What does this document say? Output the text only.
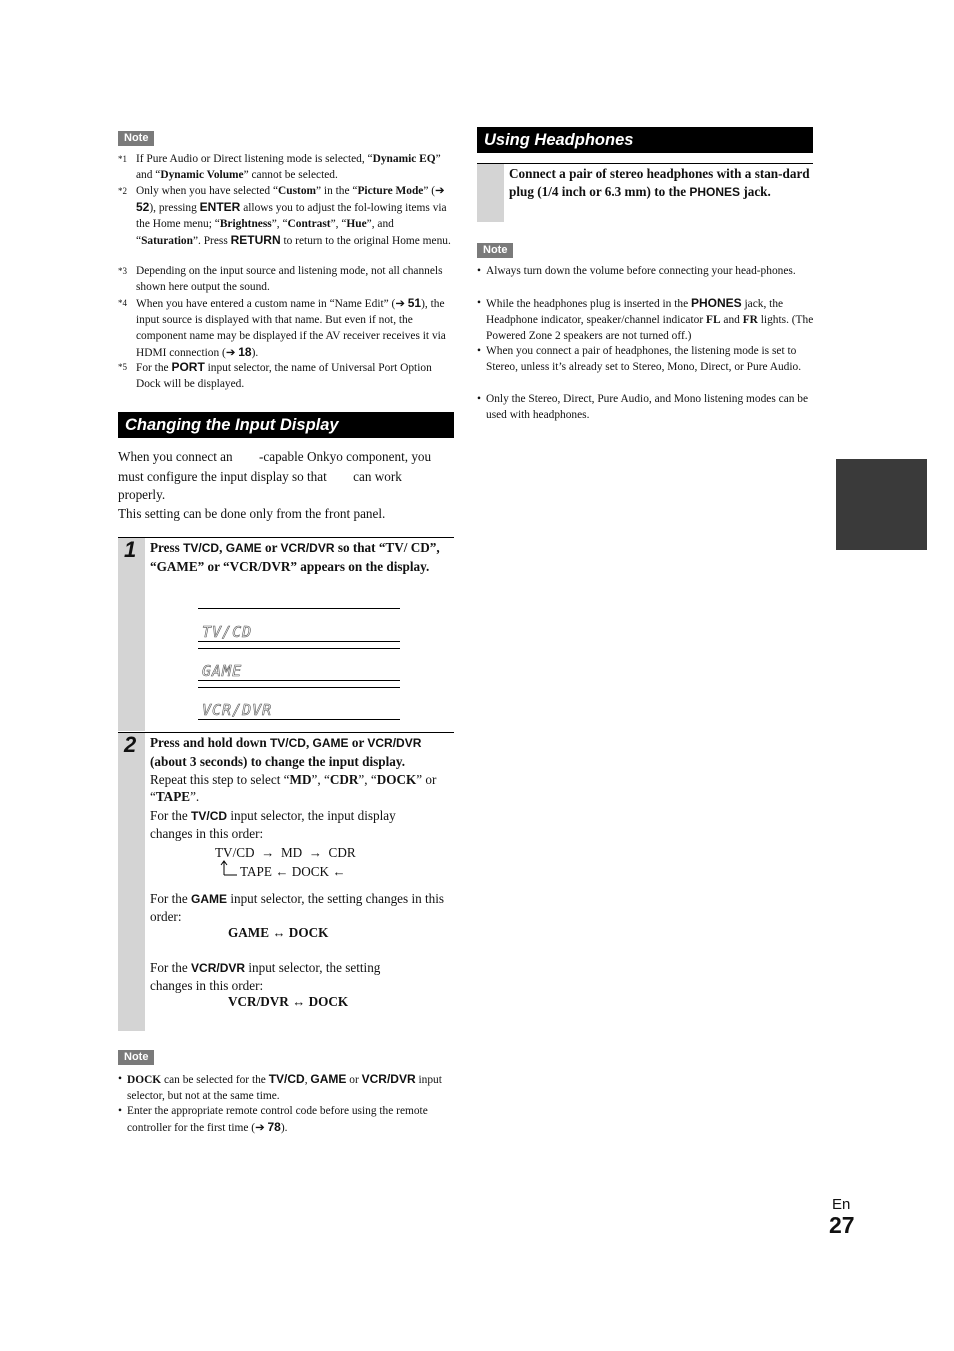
Note
*1 If Pure Audio or Direct listening mode is selected, “Dynamic EQ” and “Dynamic Volume” cannot be selected.
*2 Only when you have selected “Custom” in the “Picture Mode” (➔ 52), pressing ENTER allows you to adjust the fol-lowing items via the Home menu; “Brightness”, “Contrast”, “Hue”, and “Saturation”. Press RETURN to return to the original Home menu.
*3 Depending on the input source and listening mode, not all channels shown here output the sound.
*4 When you have entered a custom name in “Name Edit” (➔ 51), the input source is displayed with that name. But even if not, the component name may be displayed if the AV receiver receives it via HDMI connection (➔ 18).
*5 For the PORT input selector, the name of Universal Port Option Dock will be displayed.
Changing the Input Display
When you connect an        -capable Onkyo component, you
must configure the input display so that        can work
properly.
This setting can be done only from the front panel.
1 Press TV/CD, GAME or VCR/DVR so that “TV/ CD”, “GAME” or “VCR/DVR” appears on the display.
TV/CD
GAME
VCR/DVR
2 Press and hold down TV/CD, GAME or VCR/DVR (about 3 seconds) to change the input display.
Repeat this step to select “MD”, “CDR”, “DOCK” or “TAPE”.
For the TV/CD input selector, the input display changes in this order:
TV/CD  →  MD  →  CDR
TAPE ← DOCK ←
For the GAME input selector, the setting changes in this order:
GAME ↔ DOCK
For the VCR/DVR input selector, the setting changes in this order:
VCR/DVR ↔ DOCK
Note
• DOCK can be selected for the TV/CD, GAME or VCR/DVR input selector, but not at the same time.
• Enter the appropriate remote control code before using the remote controller for the first time (➔ 78).
Using Headphones
Connect a pair of stereo headphones with a stan-dard plug (1/4 inch or 6.3 mm) to the PHONES jack.
Note
• Always turn down the volume before connecting your head-phones.
• While the headphones plug is inserted in the PHONES jack, the Headphone indicator, speaker/channel indicator FL and FR lights. (The Powered Zone 2 speakers are not turned off.)
• When you connect a pair of headphones, the listening mode is set to Stereo, unless it’s already set to Stereo, Mono, Direct, or Pure Audio.
• Only the Stereo, Direct, Pure Audio, and Mono listening modes can be used with headphones.
En
27
